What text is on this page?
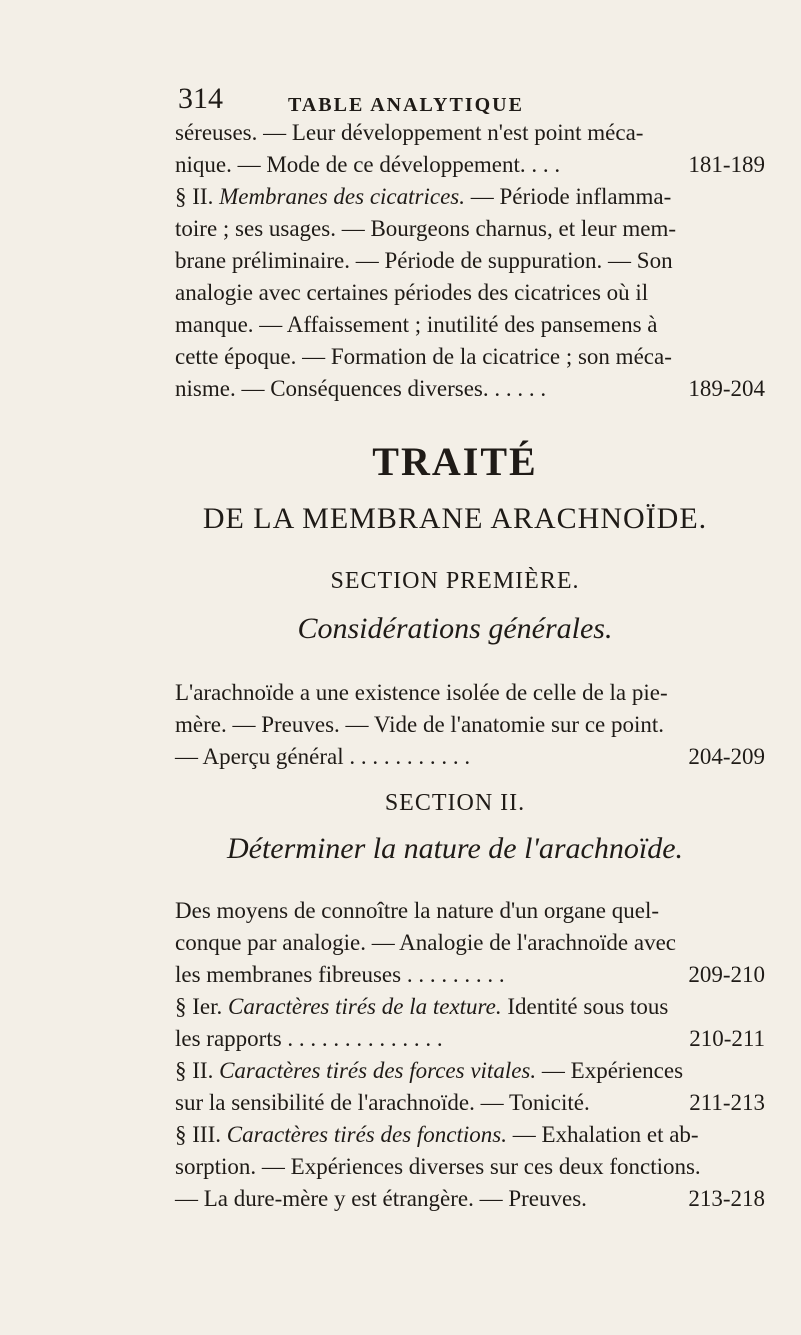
314	TABLE ANALYTIQUE
séreuses. — Leur développement n'est point méca-
nique. — Mode de ce développement. . . .	181-189
§ II. Membranes des cicatrices. — Période inflamma-
toire ; ses usages. — Bourgeons charnus, et leur mem-
brane préliminaire. — Période de suppuration. — Son
analogie avec certaines périodes des cicatrices où il
manque. — Affaissement ; inutilité des pansemens à
cette époque. — Formation de la cicatrice ; son méca-
nisme. — Conséquences diverses. . . . . .	189-204
TRAITÉ
DE LA MEMBRANE ARACHNOÏDE.
SECTION PREMIÈRE.
Considérations générales.
L'arachnoïde a une existence isolée de celle de la pie-
mère. — Preuves. — Vide de l'anatomie sur ce point.
— Aperçu général . . . . . . . . . . .	204-209
SECTION II.
Déterminer la nature de l'arachnoïde.
Des moyens de connoître la nature d'un organe quel-
conque par analogie. — Analogie de l'arachnoïde avec
les membranes fibreuses . . . . . . . . .	209-210
§ Ier. Caractères tirés de la texture. Identité sous tous
les rapports . . . . . . . . . . . . . .	210-211
§ II. Caractères tirés des forces vitales. — Expériences
sur la sensibilité de l'arachnoïde. — Tonicité.	211-213
§ III. Caractères tirés des fonctions. — Exhalation et ab-
sorption. — Expériences diverses sur ces deux fonctions.
— La dure-mère y est étrangère. — Preuves.	213-218
